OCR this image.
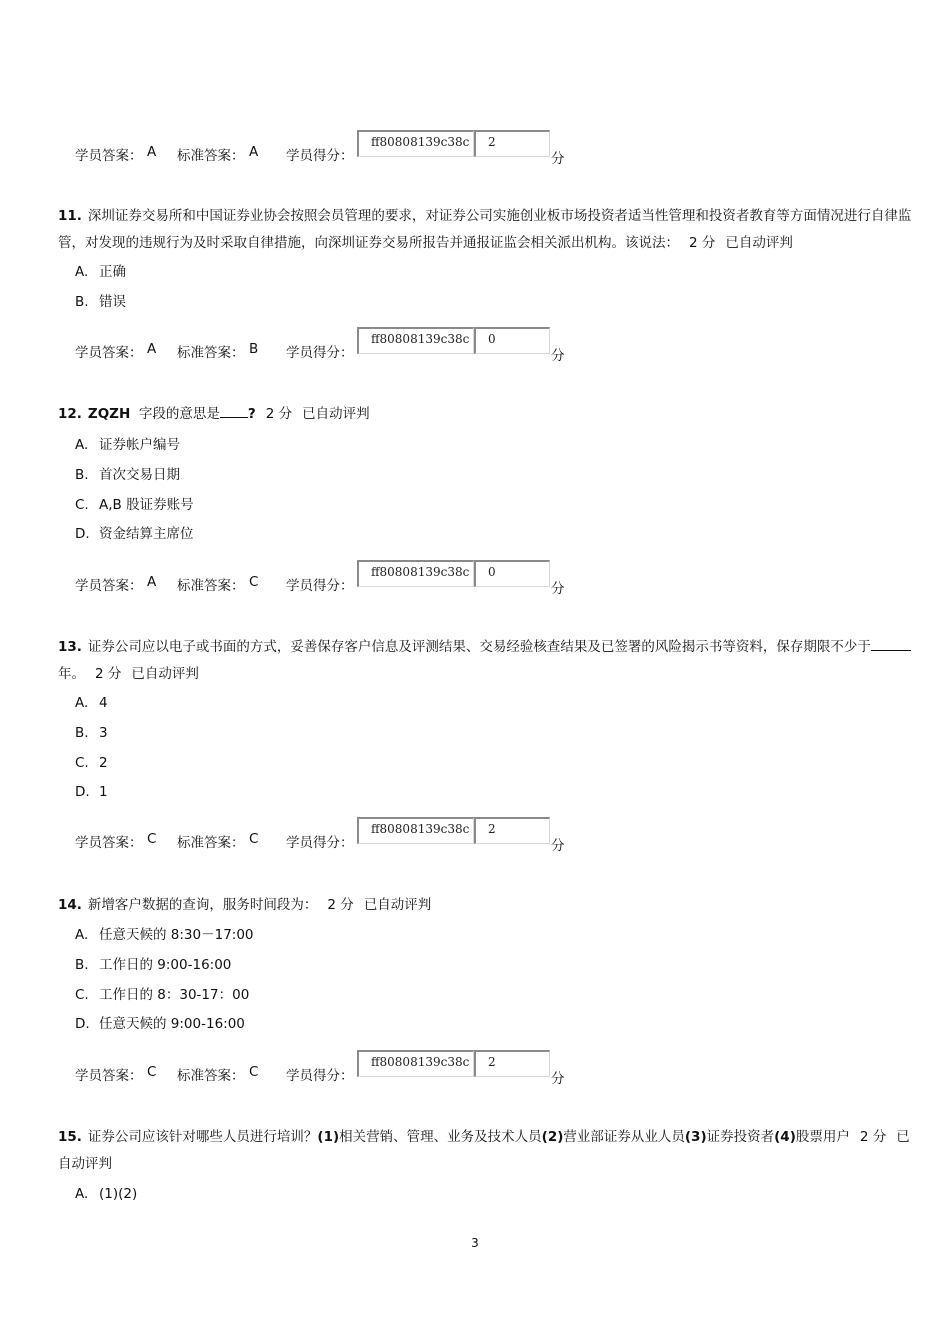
学员答案： A 标准答案： A 学员得分：
ff80808139c38c	2
分
11. 深圳证券交易所和中国证券业协会按照会员管理的要求，对证券公司实施创业板市场投资者适当性管理和投资者教育等方面情况进行自律监管，对发现的违规行为及时采取自律措施，向深圳证券交易所报告并通报证监会相关派出机构。该说法： 2 分 已自动评判
A. 正确
B. 错误
学员答案： A 标准答案： B 学员得分：
ff80808139c38c	0
分
12. ZQZH 字段的意思是 ? 2 分 已自动评判
A. 证券帐户编号
B. 首次交易日期
C. A,B 股证券账号
D. 资金结算主席位
学员答案： A 标准答案： C 学员得分：
ff80808139c38c	0
分
13. 证券公司应以电子或书面的方式，妥善保存客户信息及评测结果、交易经验核查结果及已签署的风险揭示书等资料，保存期限不少于年。 2 分 已自动评判
A. 4
B. 3
C. 2
D. 1
学员答案： C 标准答案： C 学员得分：
ff80808139c38c	2
分
14. 新增客户数据的查询，服务时间段为： 2 分 已自动评判
A. 任意天候的 8:30－17:00
B. 工作日的 9:00-16:00
C. 工作日的 8：30-17：00
D. 任意天候的 9:00-16:00
学员答案： C 标准答案： C 学员得分：
ff80808139c38c	2
分
15. 证券公司应该针对哪些人员进行培训？(1)相关营销、管理、业务及技术人员(2)营业部证券从业人员(3)证券投资者(4)股票用户 2 分 已自动评判
A. (1)(2)
3
